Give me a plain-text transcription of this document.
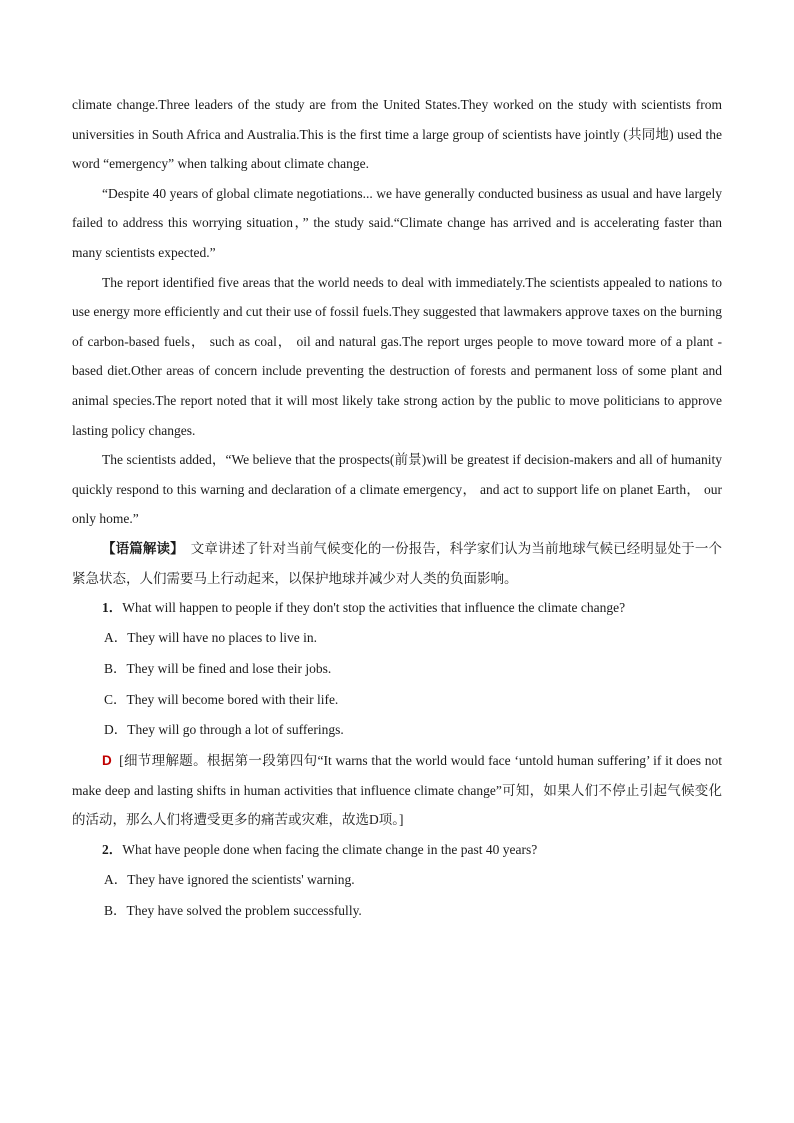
climate change.Three leaders of the study are from the United States.They worked on the study with scientists from universities in South Africa and Australia.This is the first time a large group of scientists have jointly (共同地) used the word “emergency” when talking about climate change.

“Despite 40 years of global climate negotiations... we have generally conducted business as usual and have largely failed to address this worrying situation，” the study said.“Climate change has arrived and is accelerating faster than many scientists expected.”

The report identified five areas that the world needs to deal with immediately.The scientists appealed to nations to use energy more efficiently and cut their use of fossil fuels.They suggested that lawmakers approve taxes on the burning of carbon-based fuels， such as coal， oil and natural gas.The report urges people to move toward more of a plant - based diet.Other areas of concern include preventing the destruction of forests and permanent loss of some plant and animal species.The report noted that it will most likely take strong action by the public to move politicians to approve lasting policy changes.

The scientists added，“We believe that the prospects(前景)will be greatest if decision-makers and all of humanity quickly respond to this warning and declaration of a climate emergency， and act to support life on planet Earth， our only home.”

【语篇解读】 文章讲述了针对当前气候变化的一份报告，科学家们认为当前地球气候已经明显处于一个紧急状态，人们需要马上行动起来，以保护地球并减少对人类的负面影响。

1．What will happen to people if they don't stop the activities that influence the climate change?

A．They will have no places to live in.

B．They will be fined and lose their jobs.

C．They will become bored with their life.

D．They will go through a lot of sufferings.

D [细节理解题。根据第一段第四句“It warns that the world would face ‘untold human suffering’ if it does not make deep and lasting shifts in human activities that influence climate change”可知，如果人们不停止引起气候变化的活动，那么人们将遭受更多的痛苦或灾难，故选D项。]

2．What have people done when facing the climate change in the past 40 years?

A．They have ignored the scientists' warning.

B．They have solved the problem successfully.
